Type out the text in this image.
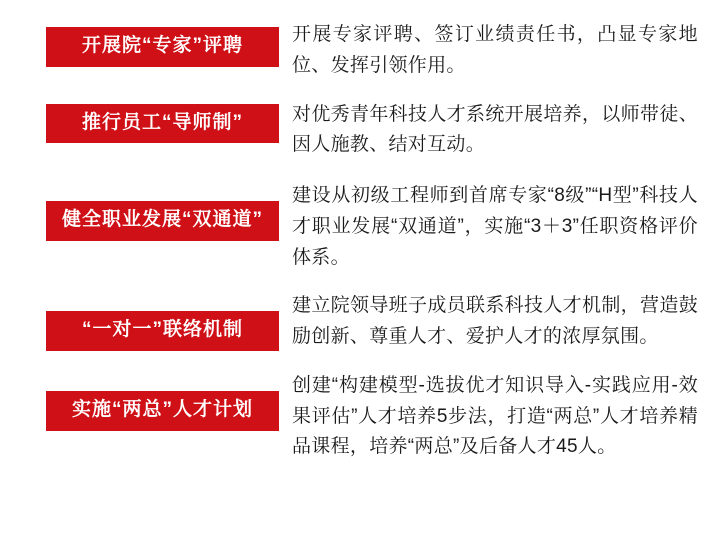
开展院“专家”评聘

开展专家评聘、签订业绩责任书，凸显专家地位、发挥引领作用。

推行员工“导师制”	对优秀青年科技人才系统开展培养，以师带徒、因人施教、结对互动。

健全职业发展“双通道”

建设从初级工程师到首席专家“8级”“H型”科技人才职业发展“双通道”，实施“3＋3”任职资格评价体系。

“一对一”联络机制

建立院领导班子成员联系科技人才机制，营造鼓励创新、尊重人才、爱护人才的浓厚氛围。

实施“两总”人才计划

创建“构建模型-选拔优才知识导入-实践应用-效果评估”人才培养5步法，打造“两总”人才培养精品课程，培养“两总”及后备人才45人。
